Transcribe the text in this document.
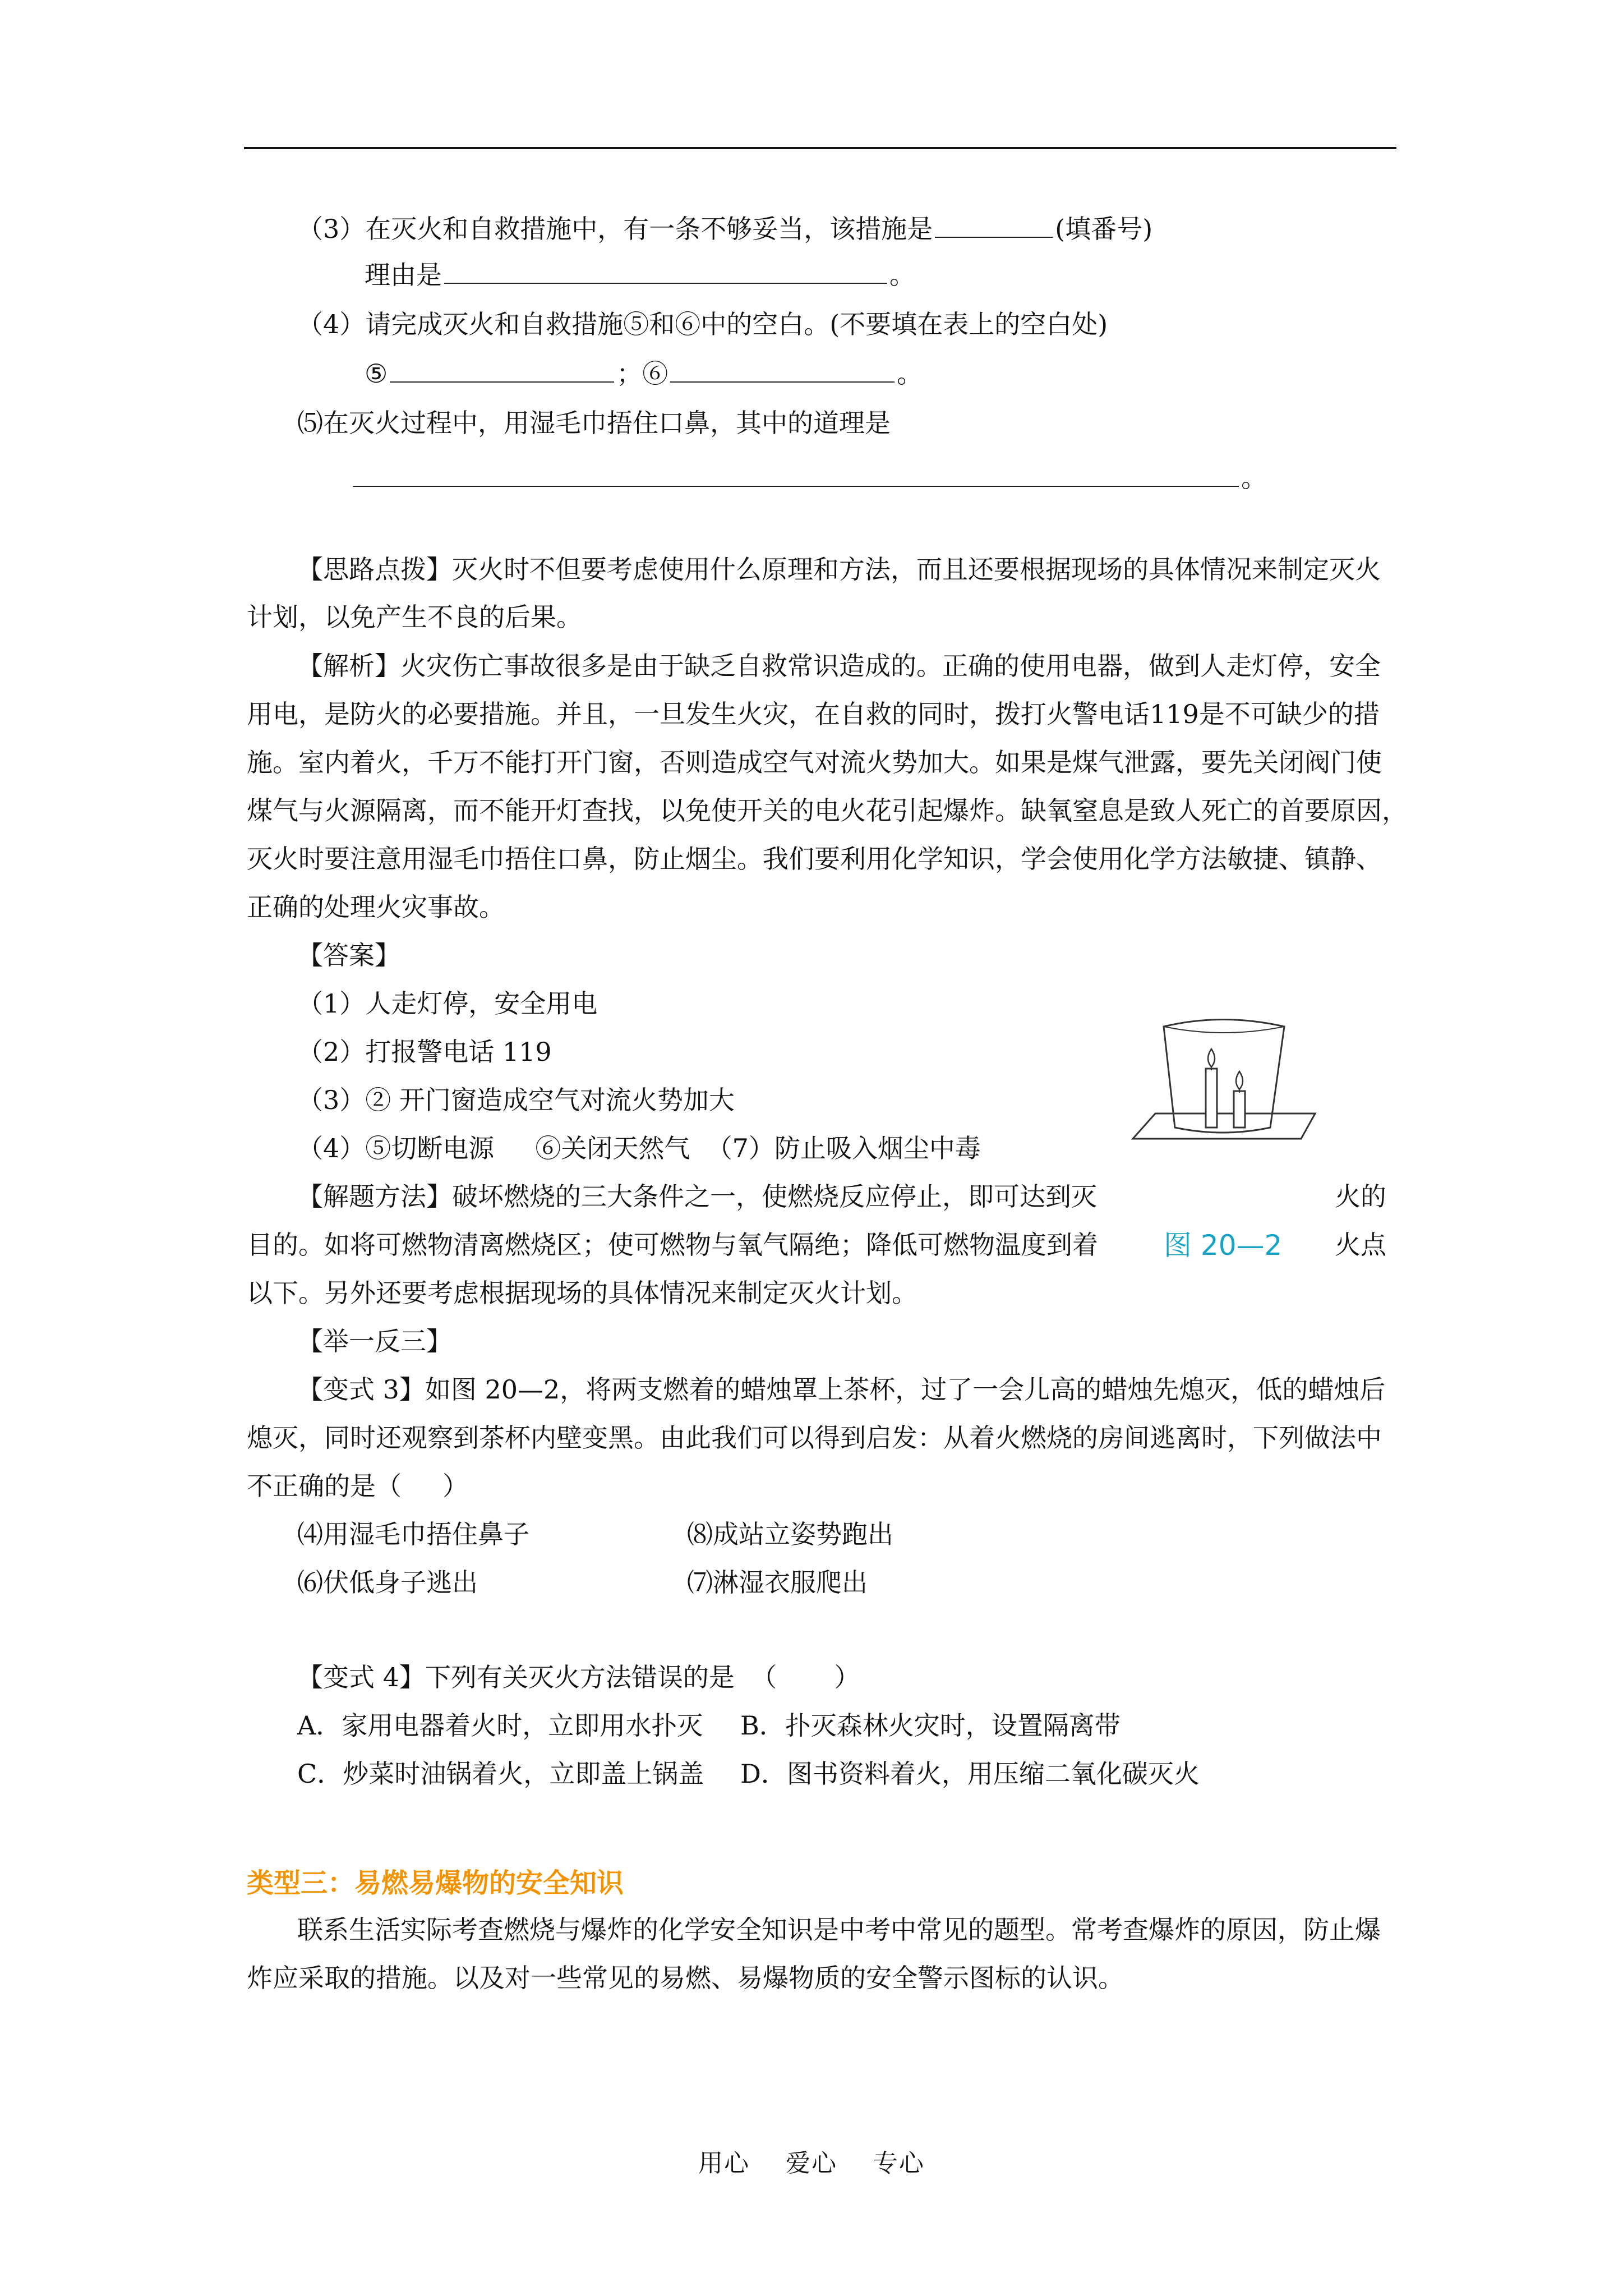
（3）在灭火和自救措施中，有一条不够妥当，该措施是	(填番号)
理由是	。
（4）请完成灭火和自救措施⑤和⑥中的空白。(不要填在表上的空白处)
⑤	；⑥	。
⑸在灭火过程中，用湿毛巾捂住口鼻，其中的道理是
。
【思路点拨】灭火时不但要考虑使用什么原理和方法，而且还要根据现场的具体情况来制定灭火
计划，以免产生不良的后果。
【解析】火灾伤亡事故很多是由于缺乏自救常识造成的。正确的使用电器，做到人走灯停，安全
用电，是防火的必要措施。并且，一旦发生火灾，在自救的同时，拨打火警电话119是不可缺少的措
施。室内着火，千万不能打开门窗，否则造成空气对流火势加大。如果是煤气泄露，要先关闭阀门使
煤气与火源隔离，而不能开灯查找，以免使开关的电火花引起爆炸。缺氧窒息是致人死亡的首要原因，
灭火时要注意用湿毛巾捂住口鼻，防止烟尘。我们要利用化学知识，学会使用化学方法敏捷、镇静、
正确的处理火灾事故。
【答案】
（1）人走灯停，安全用电
（2）打报警电话 119
（3）② 开门窗造成空气对流火势加大
（4）⑤切断电源     ⑥关闭天然气  （7）防止吸入烟尘中毒
【解题方法】破坏燃烧的三大条件之一，使燃烧反应停止，即可达到灭	火的
目的。如将可燃物清离燃烧区；使可燃物与氧气隔绝；降低可燃物温度到着	火点
以下。另外还要考虑根据现场的具体情况来制定灭火计划。
图 20—2
【举一反三】
【变式 3】如图 20—2，将两支燃着的蜡烛罩上茶杯，过了一会儿高的蜡烛先熄灭，低的蜡烛后
熄灭，同时还观察到茶杯内壁变黑。由此我们可以得到启发：从着火燃烧的房间逃离时，下列做法中
不正确的是（     ）
⑷用湿毛巾捂住鼻子	⑻成站立姿势跑出
⑹伏低身子逃出	⑺淋湿衣服爬出
【变式 4】下列有关灭火方法错误的是  （       ）
A．家用电器着火时，立即用水扑灭 B．扑灭森林火灾时，设置隔离带
C．炒菜时油锅着火，立即盖上锅盖 D．图书资料着火，用压缩二氧化碳灭火
类型三：易燃易爆物的安全知识
联系生活实际考查燃烧与爆炸的化学安全知识是中考中常见的题型。常考查爆炸的原因，防止爆
炸应采取的措施。以及对一些常见的易燃、易爆物质的安全警示图标的认识。
用心    爱心    专心
